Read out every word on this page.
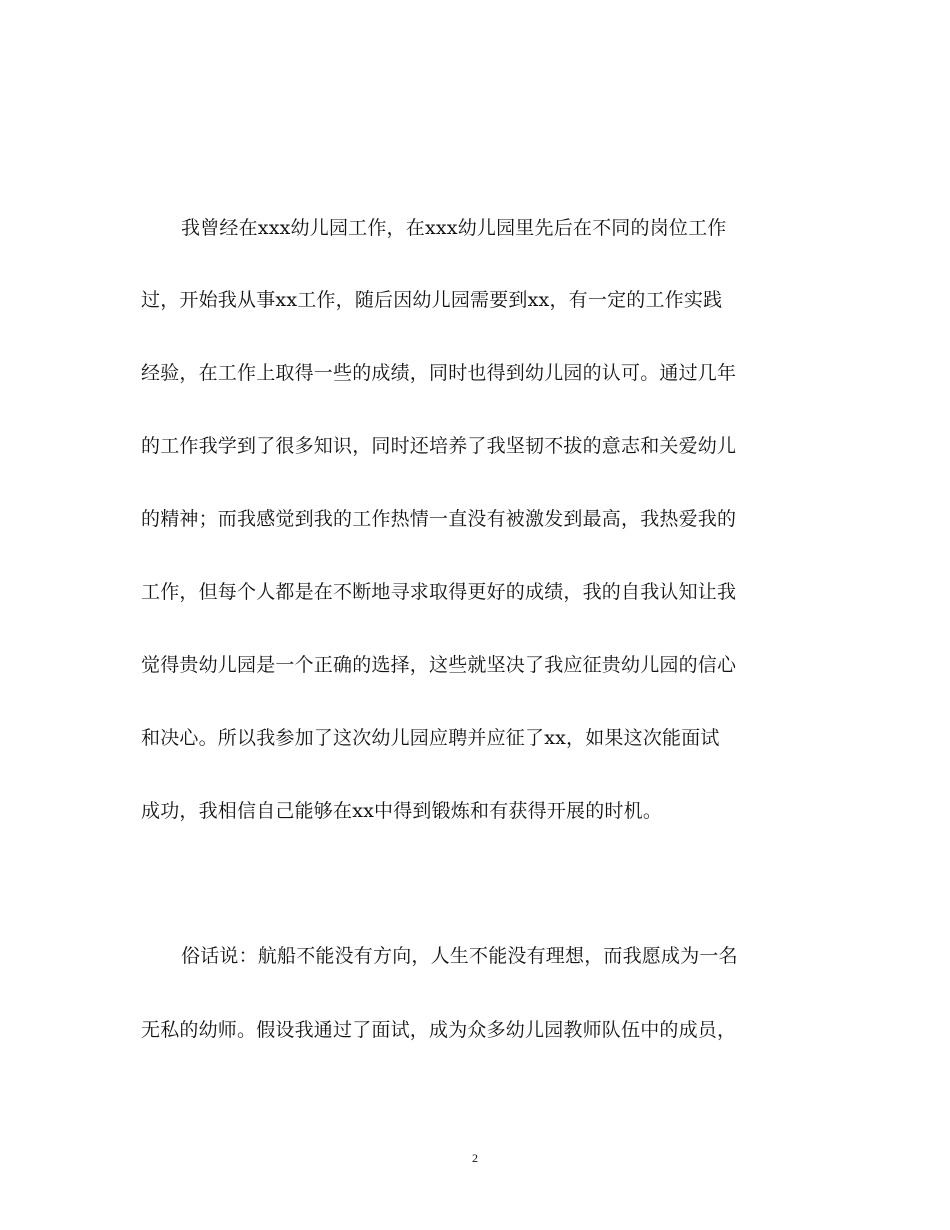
我曾经在xxx幼儿园工作，在xxx幼儿园里先后在不同的岗位工作
过，开始我从事xx工作，随后因幼儿园需要到xx，有一定的工作实践
经验，在工作上取得一些的成绩，同时也得到幼儿园的认可。通过几年
的工作我学到了很多知识，同时还培养了我坚韧不拔的意志和关爱幼儿
的精神；而我感觉到我的工作热情一直没有被激发到最高，我热爱我的
工作，但每个人都是在不断地寻求取得更好的成绩，我的自我认知让我
觉得贵幼儿园是一个正确的选择，这些就坚决了我应征贵幼儿园的信心
和决心。所以我参加了这次幼儿园应聘并应征了xx，如果这次能面试
成功，我相信自己能够在xx中得到锻炼和有获得开展的时机。
俗话说：航船不能没有方向，人生不能没有理想，而我愿成为一名
无私的幼师。假设我通过了面试，成为众多幼儿园教师队伍中的成员，
2
